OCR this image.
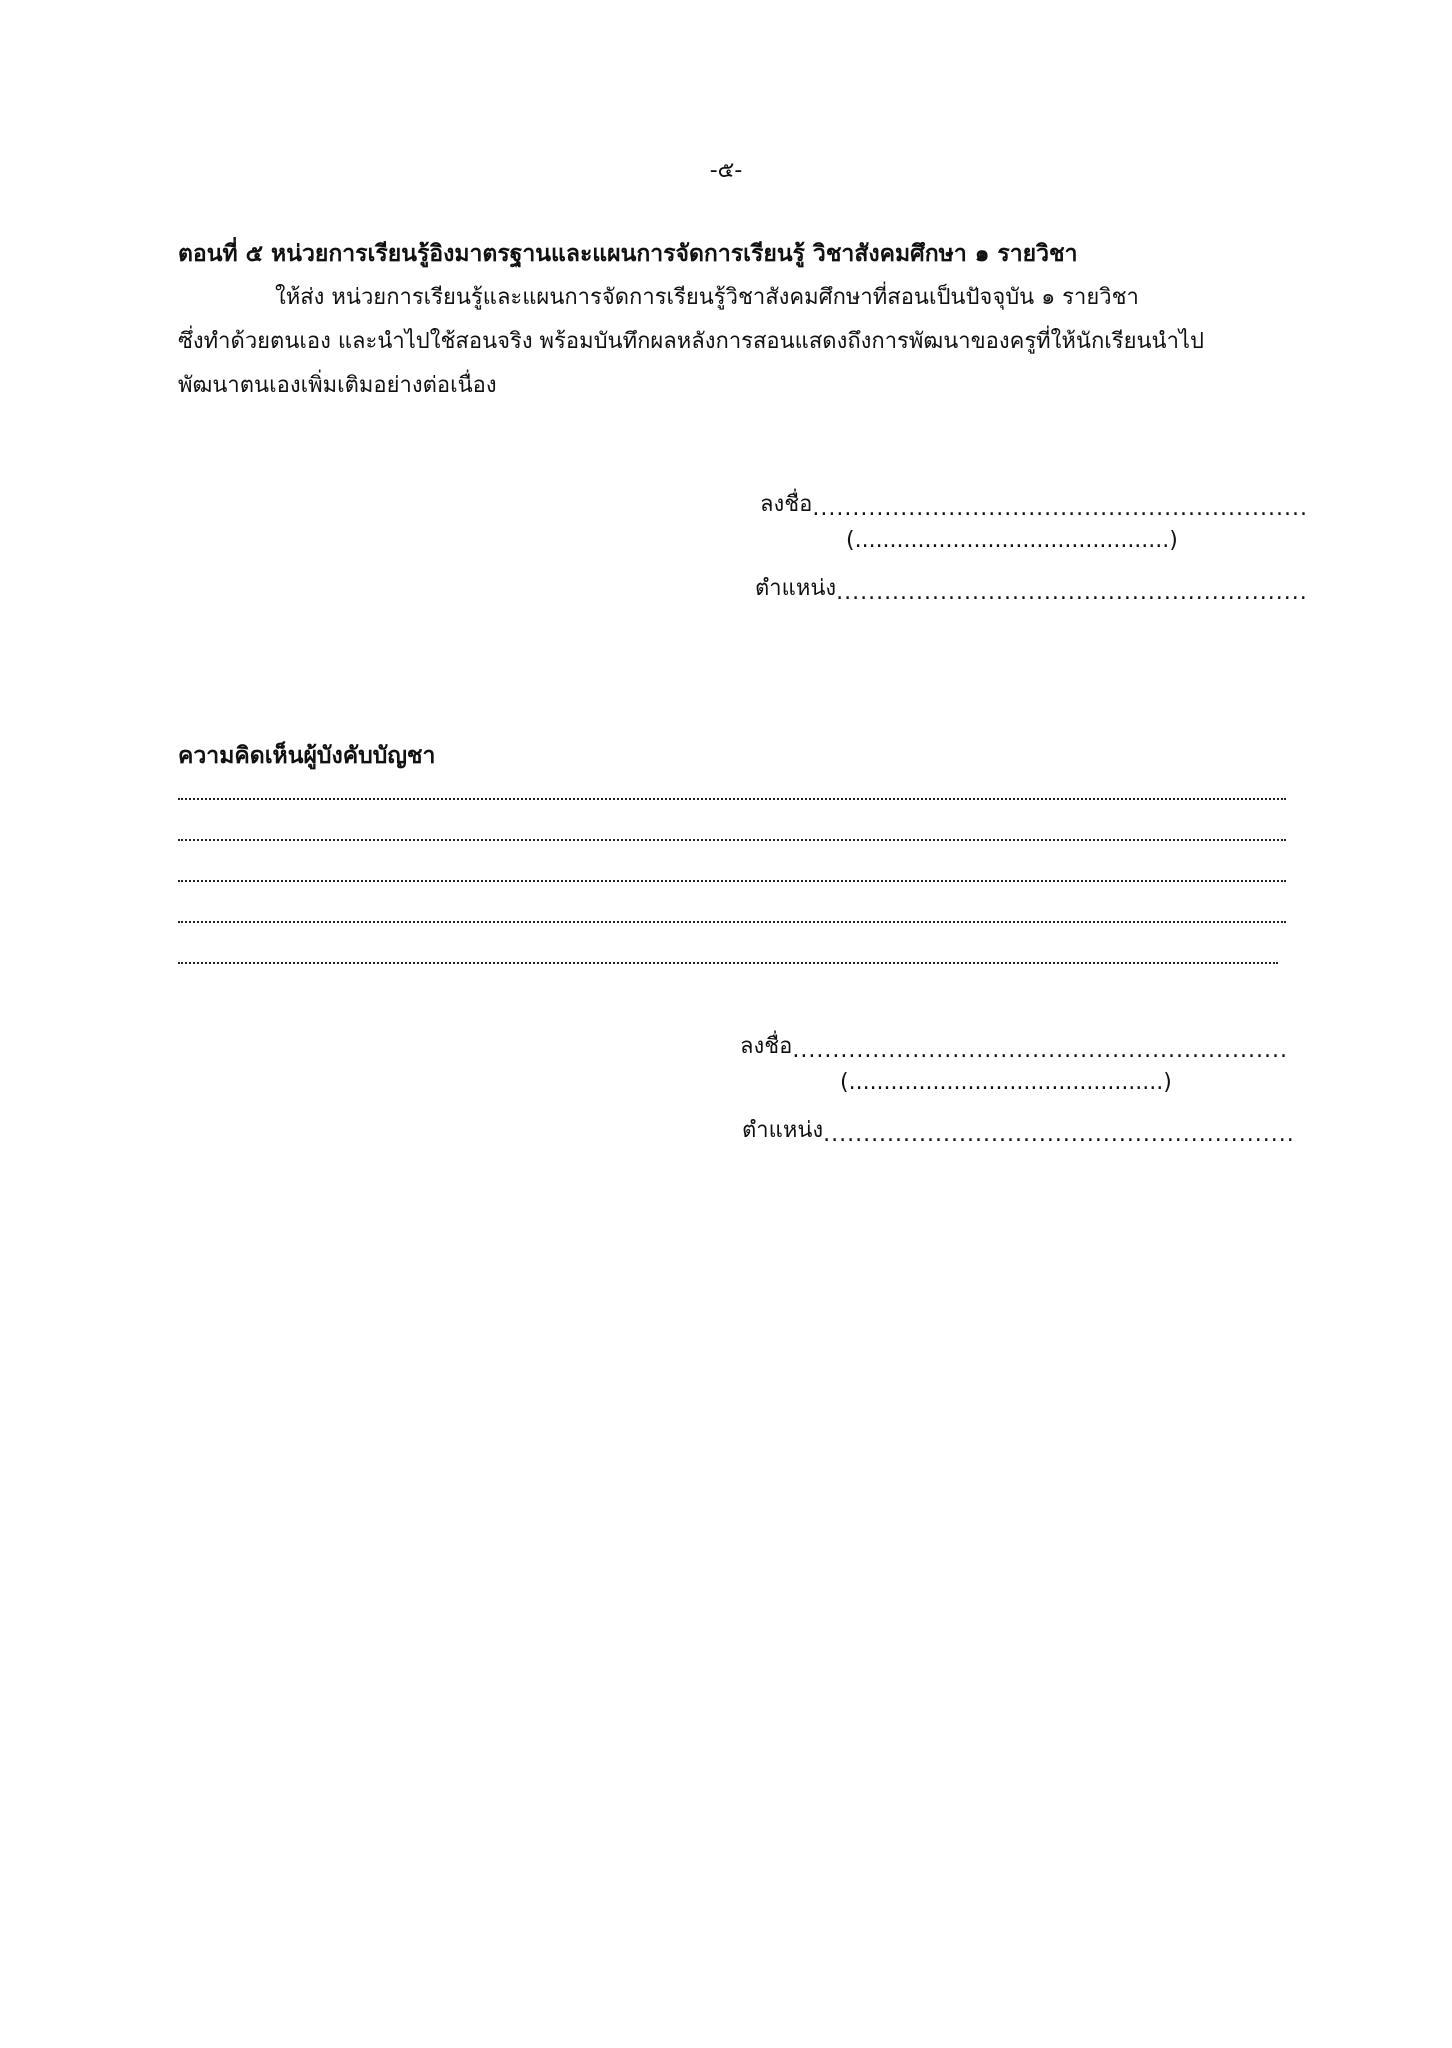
-๕-
ตอนที่ ๕ หน่วยการเรียนรู้อิงมาตรฐานและแผนการจัดการเรียนรู้ วิชาสังคมศึกษา ๑ รายวิชา
ให้ส่ง หน่วยการเรียนรู้และแผนการจัดการเรียนรู้วิชาสังคมศึกษาที่สอนเป็นปัจจุบัน ๑ รายวิชา
ซึ่งทำด้วยตนเอง และนำไปใช้สอนจริง พร้อมบันทึกผลหลังการสอนแสดงถึงการพัฒนาของครูที่ให้นักเรียนนำไป
พัฒนาตนเองเพิ่มเติมอย่างต่อเนื่อง
ลงชื่อ..............................................................
(.............................................)
ตำแหน่ง...........................................................
ความคิดเห็นผู้บังคับบัญชา
ลงชื่อ..............................................................
(.............................................)
ตำแหน่ง...........................................................
